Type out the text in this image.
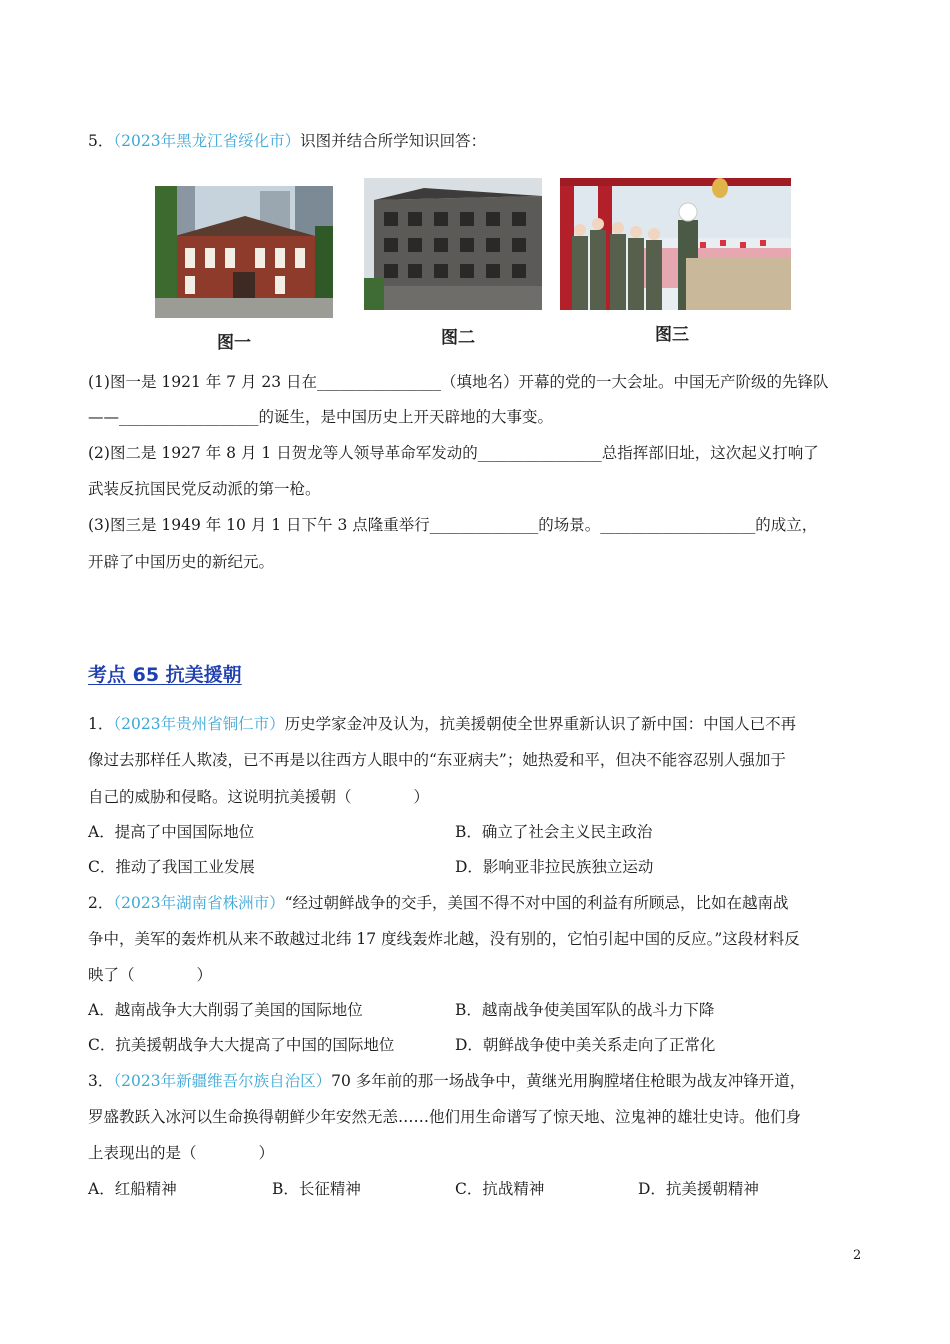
5．（2023年黑龙江省绥化市）识图并结合所学知识回答：
图一	图二	图三
(1)图一是 1921 年 7 月 23 日在________________（填地名）开幕的党的一大会址。中国无产阶级的先锋队
——__________________的诞生，是中国历史上开天辟地的大事变。
(2)图二是 1927 年 8 月 1 日贺龙等人领导革命军发动的________________总指挥部旧址，这次起义打响了
武装反抗国民党反动派的第一枪。
(3)图三是 1949 年 10 月 1 日下午 3 点隆重举行______________的场景。____________________的成立，
开辟了中国历史的新纪元。
考点 65 抗美援朝
1．（2023年贵州省铜仁市）历史学家金冲及认为，抗美援朝使全世界重新认识了新中国：中国人已不再
像过去那样任人欺凌，已不再是以往西方人眼中的“东亚病夫”；她热爱和平，但决不能容忍别人强加于
自己的威胁和侵略。这说明抗美援朝（　　　　）
A．提高了中国国际地位	B．确立了社会主义民主政治
C．推动了我国工业发展	D．影响亚非拉民族独立运动
2．（2023年湖南省株洲市）“经过朝鲜战争的交手，美国不得不对中国的利益有所顾忌，比如在越南战
争中，美军的轰炸机从来不敢越过北纬 17 度线轰炸北越，没有别的，它怕引起中国的反应。”这段材料反
映了（　　　　）
A．越南战争大大削弱了美国的国际地位	B．越南战争使美国军队的战斗力下降
C．抗美援朝战争大大提高了中国的国际地位	D．朝鲜战争使中美关系走向了正常化
3．（2023年新疆维吾尔族自治区）70 多年前的那一场战争中，黄继光用胸膛堵住枪眼为战友冲锋开道，
罗盛教跃入冰河以生命换得朝鲜少年安然无恙……他们用生命谱写了惊天地、泣鬼神的雄壮史诗。他们身
上表现出的是（　　　　）
A．红船精神	B．长征精神	C．抗战精神	D．抗美援朝精神
2
